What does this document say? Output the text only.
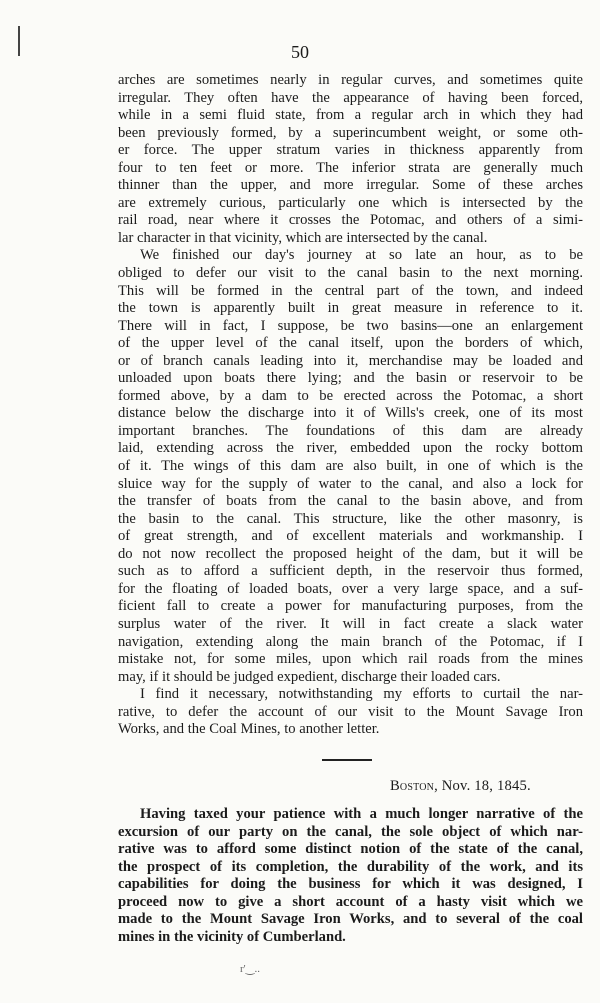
50
arches are sometimes nearly in regular curves, and sometimes quite
irregular. They often have the appearance of having been forced,
while in a semi fluid state, from a regular arch in which they had
been previously formed, by a superincumbent weight, or some oth-
er force. The upper stratum varies in thickness apparently from
four to ten feet or more. The inferior strata are generally much
thinner than the upper, and more irregular. Some of these arches
are extremely curious, particularly one which is intersected by the
rail road, near where it crosses the Potomac, and others of a simi-
lar character in that vicinity, which are intersected by the canal.
We finished our day's journey at so late an hour, as to be
obliged to defer our visit to the canal basin to the next morning.
This will be formed in the central part of the town, and indeed
the town is apparently built in great measure in reference to it.
There will in fact, I suppose, be two basins—one an enlargement
of the upper level of the canal itself, upon the borders of which,
or of branch canals leading into it, merchandise may be loaded and
unloaded upon boats there lying; and the basin or reservoir to be
formed above, by a dam to be erected across the Potomac, a short
distance below the discharge into it of Wills's creek, one of its most
important branches. The foundations of this dam are already
laid, extending across the river, embedded upon the rocky bottom
of it. The wings of this dam are also built, in one of which is the
sluice way for the supply of water to the canal, and also a lock for
the transfer of boats from the canal to the basin above, and from
the basin to the canal. This structure, like the other masonry, is
of great strength, and of excellent materials and workmanship. I
do not now recollect the proposed height of the dam, but it will be
such as to afford a sufficient depth, in the reservoir thus formed,
for the floating of loaded boats, over a very large space, and a suf-
ficient fall to create a power for manufacturing purposes, from the
surplus water of the river. It will in fact create a slack water
navigation, extending along the main branch of the Potomac, if I
mistake not, for some miles, upon which rail roads from the mines
may, if it should be judged expedient, discharge their loaded cars.
I find it necessary, notwithstanding my efforts to curtail the nar-
rative, to defer the account of our visit to the Mount Savage Iron
Works, and the Coal Mines, to another letter.
Boston, Nov. 18, 1845.
Having taxed your patience with a much longer narrative of the
excursion of our party on the canal, the sole object of which nar-
rative was to afford some distinct notion of the state of the canal,
the prospect of its completion, the durability of the work, and its
capabilities for doing the business for which it was designed, I
proceed now to give a short account of a hasty visit which we
made to the Mount Savage Iron Works, and to several of the coal
mines in the vicinity of Cumberland.
r'‿..
